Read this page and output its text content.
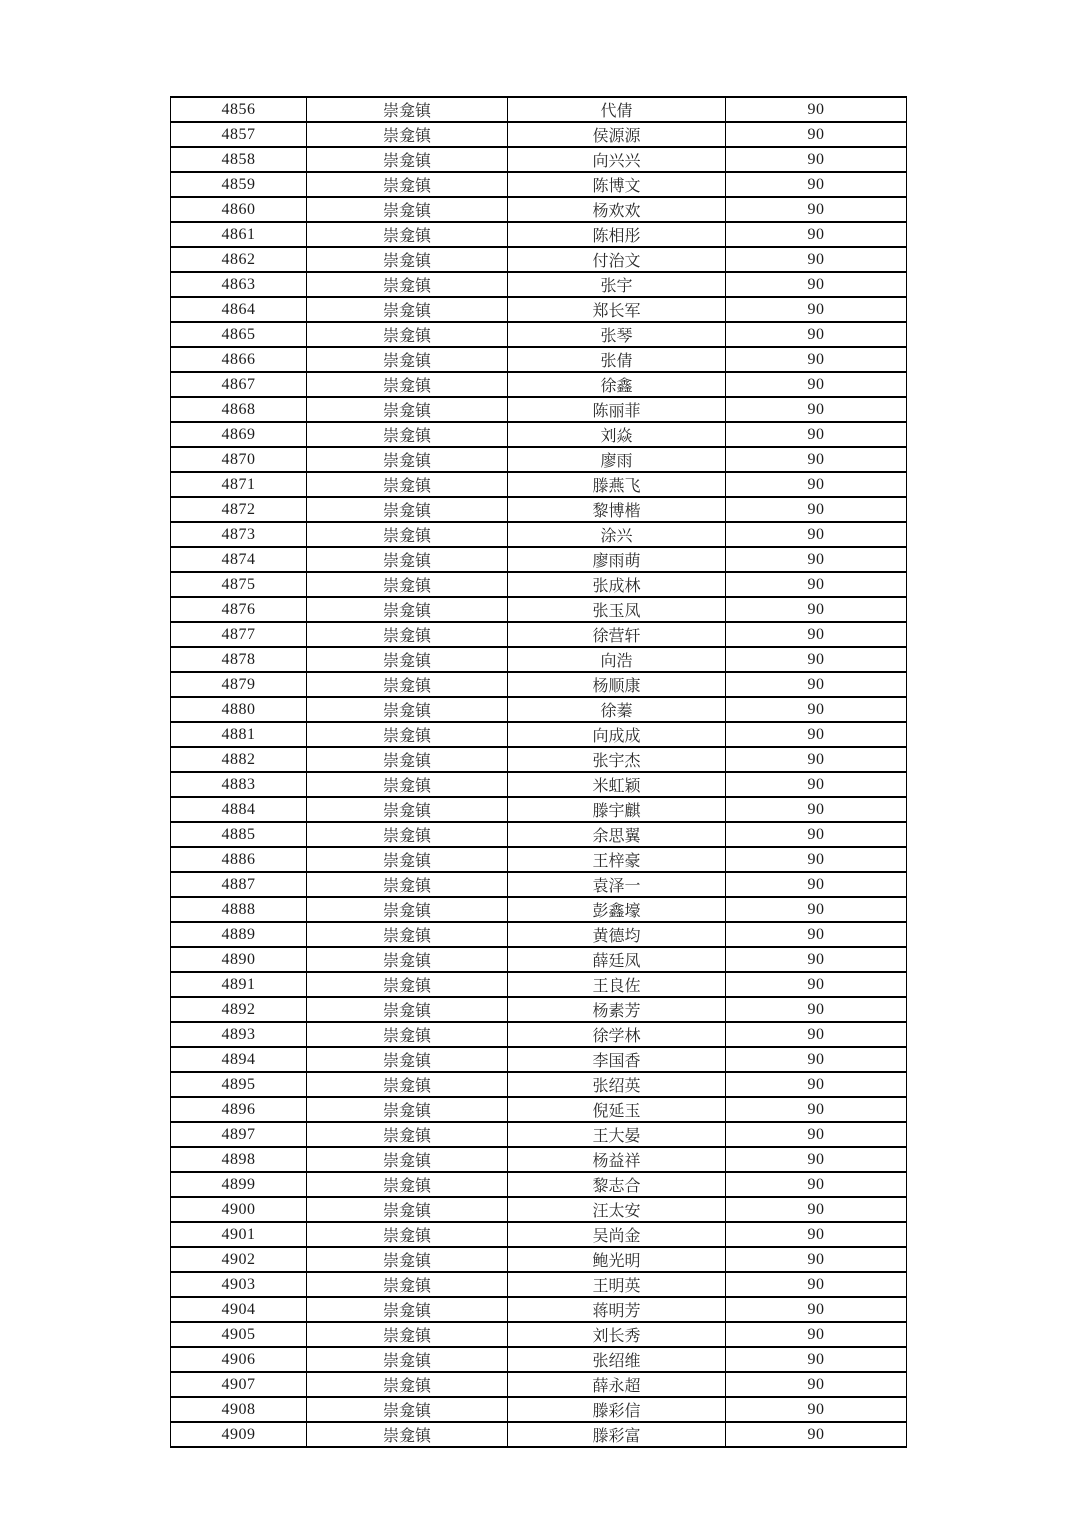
4856	崇龛镇	代倩	90
4857	崇龛镇	侯源源	90
4858	崇龛镇	向兴兴	90
4859	崇龛镇	陈博文	90
4860	崇龛镇	杨欢欢	90
4861	崇龛镇	陈相彤	90
4862	崇龛镇	付治文	90
4863	崇龛镇	张宇	90
4864	崇龛镇	郑长军	90
4865	崇龛镇	张琴	90
4866	崇龛镇	张倩	90
4867	崇龛镇	徐鑫	90
4868	崇龛镇	陈丽菲	90
4869	崇龛镇	刘焱	90
4870	崇龛镇	廖雨	90
4871	崇龛镇	滕燕飞	90
4872	崇龛镇	黎博楷	90
4873	崇龛镇	涂兴	90
4874	崇龛镇	廖雨萌	90
4875	崇龛镇	张成林	90
4876	崇龛镇	张玉凤	90
4877	崇龛镇	徐营轩	90
4878	崇龛镇	向浩	90
4879	崇龛镇	杨顺康	90
4880	崇龛镇	徐蓁	90
4881	崇龛镇	向成成	90
4882	崇龛镇	张宇杰	90
4883	崇龛镇	米虹颖	90
4884	崇龛镇	滕宇麒	90
4885	崇龛镇	余思翼	90
4886	崇龛镇	王梓豪	90
4887	崇龛镇	袁泽一	90
4888	崇龛镇	彭鑫壕	90
4889	崇龛镇	黄德均	90
4890	崇龛镇	薛廷凤	90
4891	崇龛镇	王良佐	90
4892	崇龛镇	杨素芳	90
4893	崇龛镇	徐学林	90
4894	崇龛镇	李国香	90
4895	崇龛镇	张绍英	90
4896	崇龛镇	倪延玉	90
4897	崇龛镇	王大晏	90
4898	崇龛镇	杨益祥	90
4899	崇龛镇	黎志合	90
4900	崇龛镇	汪太安	90
4901	崇龛镇	吴尚金	90
4902	崇龛镇	鲍光明	90
4903	崇龛镇	王明英	90
4904	崇龛镇	蒋明芳	90
4905	崇龛镇	刘长秀	90
4906	崇龛镇	张绍维	90
4907	崇龛镇	薛永超	90
4908	崇龛镇	滕彩信	90
4909	崇龛镇	滕彩富	90
